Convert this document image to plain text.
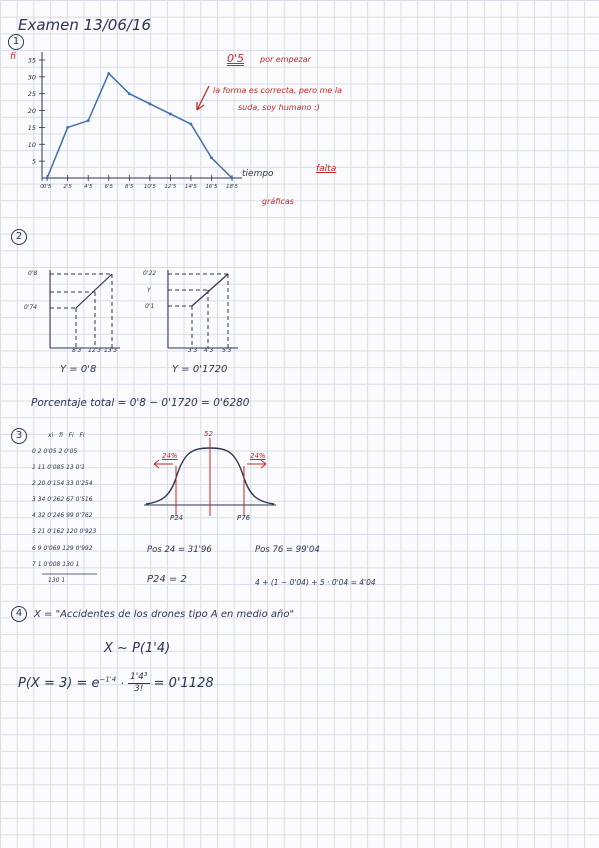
Examen 13/06/16
1
fi 35
30
25
20
15
10
5
0 0'5 2'5 4'5 6'5 8'5 10'5 12'5 14'5 16'5 18'5
tiempo
0'5 por empezar
la forma es correcta, pero me la
suda, soy humano :)
falta
gráficas
2
0'8
0'74
8'3 12'3 13'3
Y = 0'8
0'22
Y
0'1
3'3 4'3 5'3
Y = 0'1720
Porcentaje total = 0'8 − 0'1720 = 0'6280
3	xi fi Fi Fi
0 2 0'05 2 0'05
1 11 0'085 13 0'1
2 20 0'154 33 0'254
3 34 0'262 67 0'516
4 32 0'246 99 0'762
5 21 0'162 120 0'923
6 9 0'069 129 0'992
7 1 0'008 130 1
130 1
52
24%	24%
P24	P76
Pos 24 = 31'96	Pos 76 = 99'04
P24 = 2	4 + (1 − 0'04) + 5 · 0'04 = 4'04
4	X = "Accidentes de los drones tipo A en medio año"
X ~ P(1'4)
$P(X = 3) = e^{-1'4} \cdot \frac{\text{1'4³}}{3!} = 0'1128$
